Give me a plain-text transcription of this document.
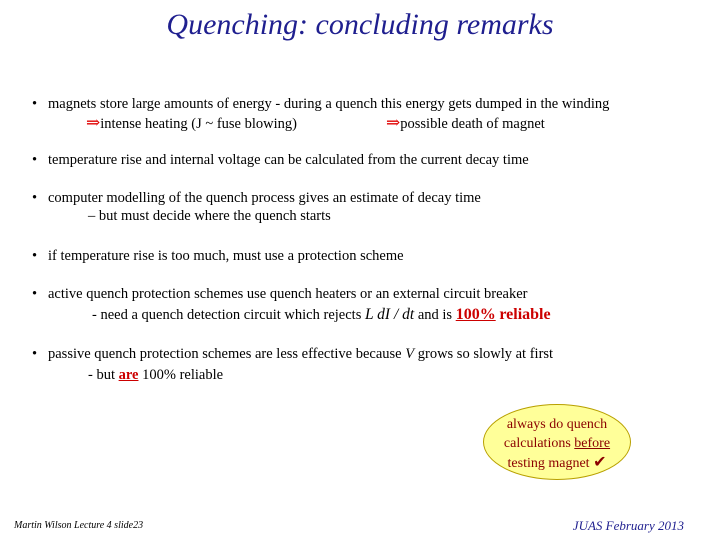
Quenching: concluding remarks
• magnets store large amounts of energy - during a quench this energy gets dumped in the winding
⇒intense heating (J ~ fuse blowing)	⇒possible death of magnet
• temperature rise and internal voltage can be calculated from the current decay time
• computer modelling of the quench process gives an estimate of decay time
– but must decide where the quench starts
• if temperature rise is too much, must use a protection scheme
• active quench protection schemes use quench heaters or an external circuit breaker
- need a quench detection circuit which rejects L dI / dt and is 100% reliable
• passive quench protection schemes are less effective because V grows so slowly at first
- but are 100% reliable
always do quench
calculations before
testing magnet ✔
Martin Wilson Lecture 4 slide23	JUAS February 2013
